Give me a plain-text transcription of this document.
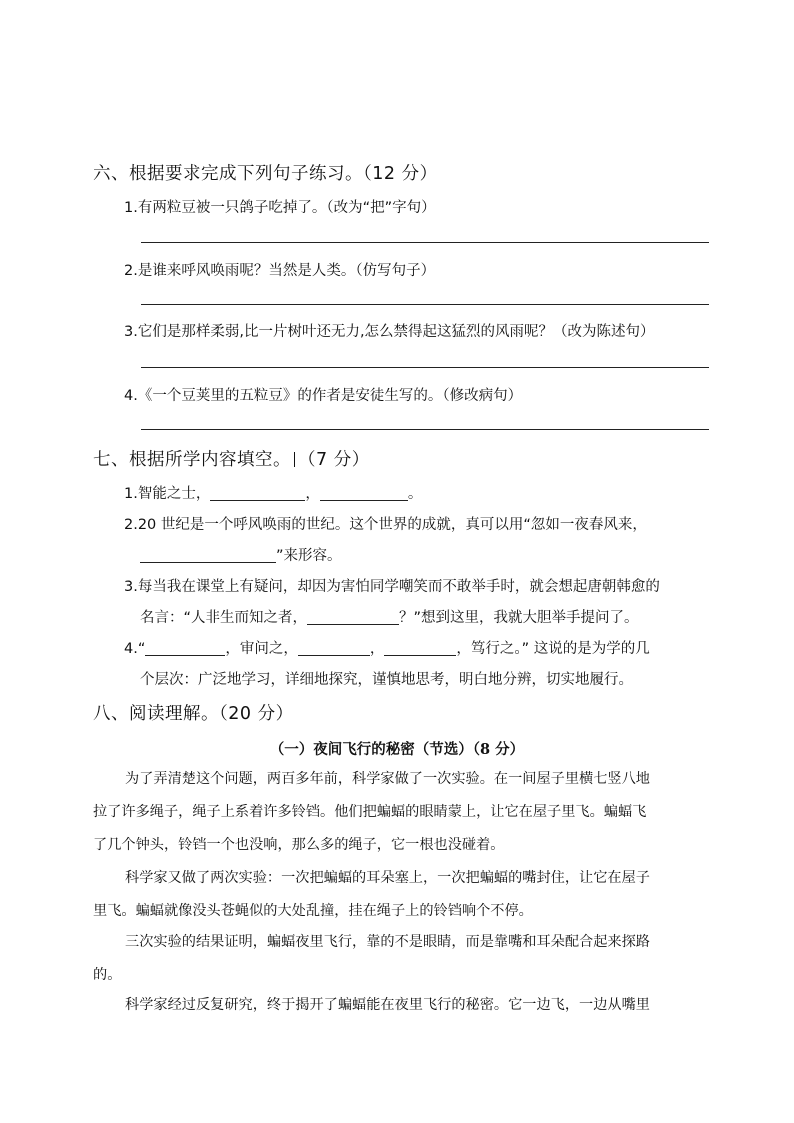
六、根据要求完成下列句子练习。（12 分）
1.有两粒豆被一只鸽子吃掉了。（改为“把”字句）
2.是谁来呼风唤雨呢？当然是人类。（仿写句子）
3.它们是那样柔弱,比一片树叶还无力,怎么禁得起这猛烈的风雨呢？（改为陈述句）
4.《一个豆荚里的五粒豆》的作者是安徒生写的。（修改病句）
七、根据所学内容填空。 （7 分）
1.智能之士，	，	。
2.20 世纪是一个呼风唤雨的世纪。这个世界的成就，真可以用“忽如一夜春风来，
”来形容。
3.每当我在课堂上有疑问，却因为害怕同学嘲笑而不敢举手时，就会想起唐朝韩愈的
名言：“人非生而知之者，	？”想到这里，我就大胆举手提问了。
4.“	，审问之，	，	，笃行之。” 这说的是为学的几
个层次：广泛地学习，详细地探究，谨慎地思考，明白地分辨，切实地履行。
八、阅读理解。（20 分）
（一）夜间飞行的秘密（节选）（8 分）
为了弄清楚这个问题，两百多年前，科学家做了一次实验。在一间屋子里横七竖八地
拉了许多绳子，绳子上系着许多铃铛。他们把蝙蝠的眼睛蒙上，让它在屋子里飞。蝙蝠飞
了几个钟头，铃铛一个也没响，那么多的绳子，它一根也没碰着。
科学家又做了两次实验：一次把蝙蝠的耳朵塞上，一次把蝙蝠的嘴封住，让它在屋子
里飞。蝙蝠就像没头苍蝇似的大处乱撞，挂在绳子上的铃铛响个不停。
三次实验的结果证明，蝙蝠夜里飞行，靠的不是眼睛，而是靠嘴和耳朵配合起来探路
的。
科学家经过反复研究，终于揭开了蝙蝠能在夜里飞行的秘密。它一边飞，一边从嘴里
